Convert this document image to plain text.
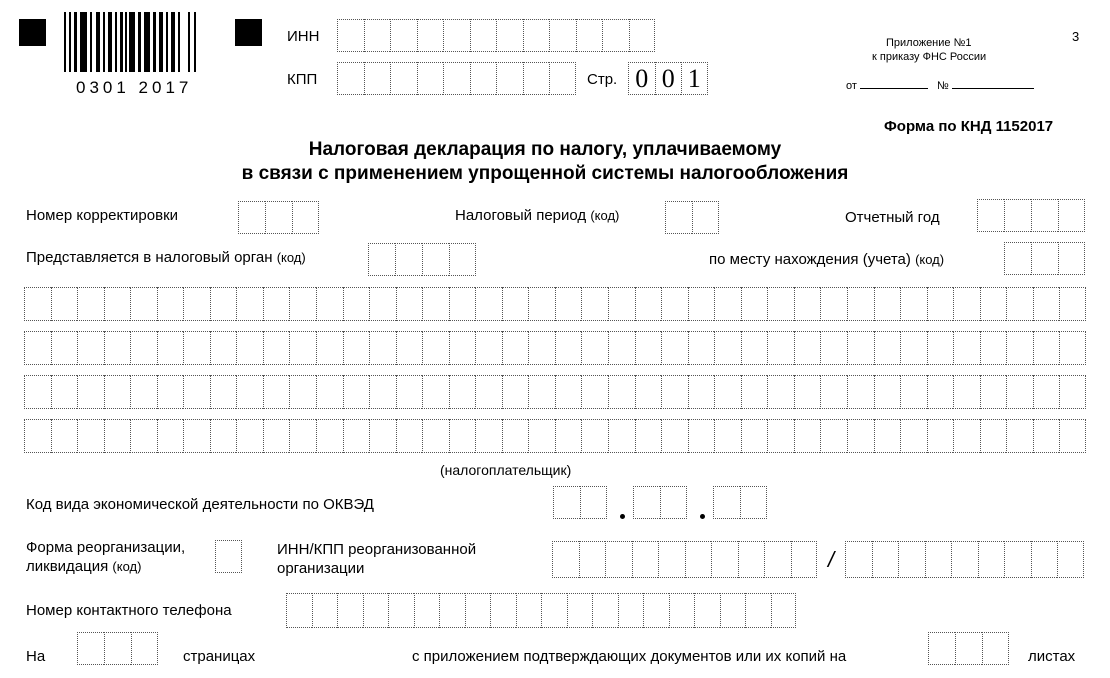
0301 2017
ИНН
КПП	Стр. 0 0 1
3
Приложение №1
к приказу ФНС России
от	№
Форма по КНД 1152017
Налоговая декларация по налогу, уплачиваемому
в связи с применением упрощенной системы налогообложения
Номер корректировки	Налоговый период (код)	Отчетный год
Представляется в налоговый орган (код)	по месту нахождения (учета) (код)
(налогоплательщик)
Код вида экономической деятельности по ОКВЭД
Форма реорганизации,
ликвидация (код)
ИНН/КПП реорганизованной
организации	/
Номер контактного телефона
На	страницах	с приложением подтверждающих документов или их копий на	листах
